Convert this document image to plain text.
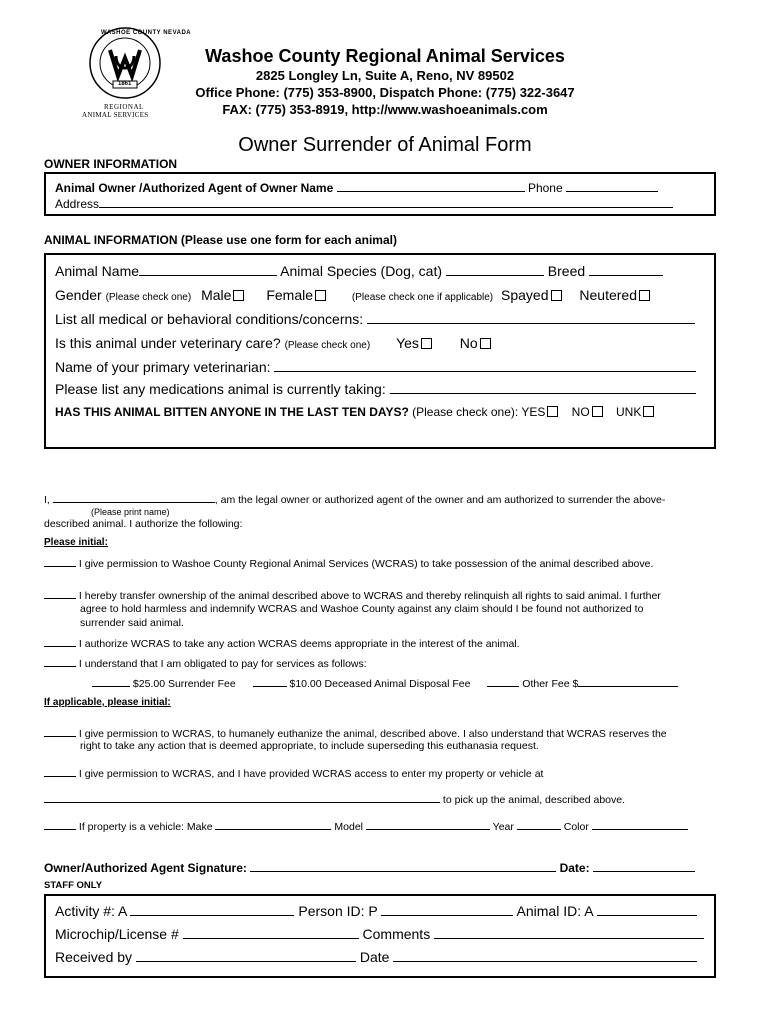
WASHOE COUNTY NEVADA
1861
REGIONAL
ANIMAL SERVICES
Washoe County Regional Animal Services
2825 Longley Ln, Suite A, Reno, NV 89502
Office Phone: (775) 353-8900, Dispatch Phone: (775) 322-3647
FAX: (775) 353-8919, http://www.washoeanimals.com
Owner Surrender of Animal Form
OWNER INFORMATION
Animal Owner /Authorized Agent of Owner Name	Phone
Address
ANIMAL INFORMATION (Please use one form for each animal)
Animal Name	Animal Species (Dog, cat)	Breed
Gender (Please check one) Male Female	(Please check one if applicable) Spayed Neutered
List all medical or behavioral conditions/concerns:
Is this animal under veterinary care? (Please check one) Yes	No
Name of your primary veterinarian:
Please list any medications animal is currently taking:
HAS THIS ANIMAL BITTEN ANYONE IN THE LAST TEN DAYS? (Please check one): YES NO UNK
I,	, am the legal owner or authorized agent of the owner and am authorized to surrender the above-
(Please print name)
described animal. I authorize the following:
Please initial:
I give permission to Washoe County Regional Animal Services (WCRAS) to take possession of the animal described above.
I hereby transfer ownership of the animal described above to WCRAS and thereby relinquish all rights to said animal. I further
agree to hold harmless and indemnify WCRAS and Washoe County against any claim should I be found not authorized to
surrender said animal.
I authorize WCRAS to take any action WCRAS deems appropriate in the interest of the animal.
I understand that I am obligated to pay for services as follows:
$25.00 Surrender Fee	$10.00 Deceased Animal Disposal Fee	Other Fee $
If applicable, please initial:
I give permission to WCRAS, to humanely euthanize the animal, described above. I also understand that WCRAS reserves the
right to take any action that is deemed appropriate, to include superseding this euthanasia request.
I give permission to WCRAS, and I have provided WCRAS access to enter my property or vehicle at
to pick up the animal, described above.
If property is a vehicle: Make	Model	Year	Color
Owner/Authorized Agent Signature:	Date:
STAFF ONLY
Activity #: A	Person ID: P	Animal ID: A
Microchip/License #	Comments
Received by	Date
